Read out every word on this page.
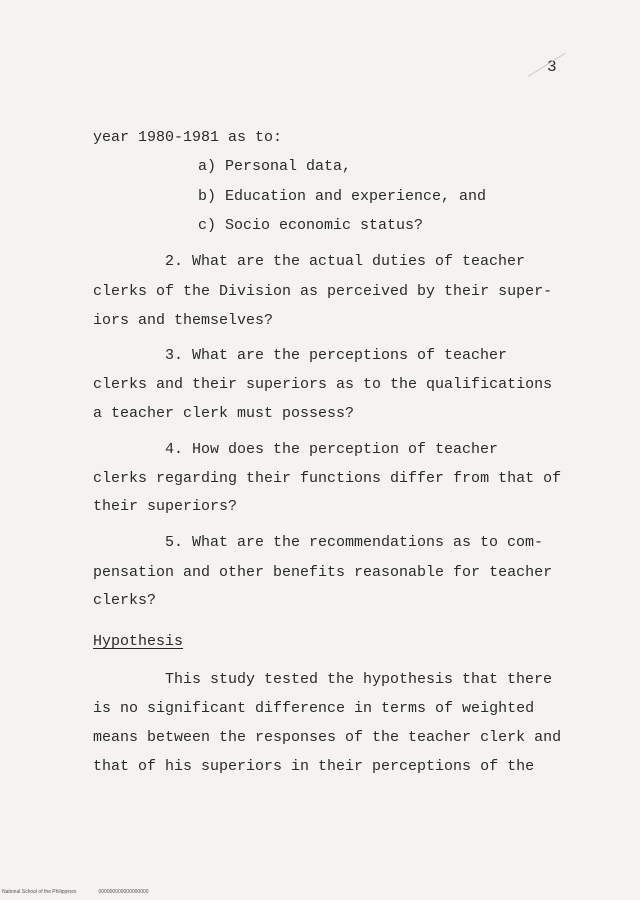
3
year 1980-1981 as to:
a) Personal data,
b) Education and experience, and
c) Socio economic status?
2. What are the actual duties of teacher
clerks of the Division as perceived by their super-
iors and themselves?
3. What are the perceptions of teacher
clerks and their superiors as to the qualifications
a teacher clerk must possess?
4. How does the perception of teacher
clerks regarding their functions differ from that of
their superiors?
5. What are the recommendations as to com-
pensation and other benefits reasonable for teacher
clerks?
Hypothesis
This study tested the hypothesis that there
is no significant difference in terms of weighted
means between the responses of the teacher clerk and
that of his superiors in their perceptions of the
National School of the Philippines	000000000000000000
